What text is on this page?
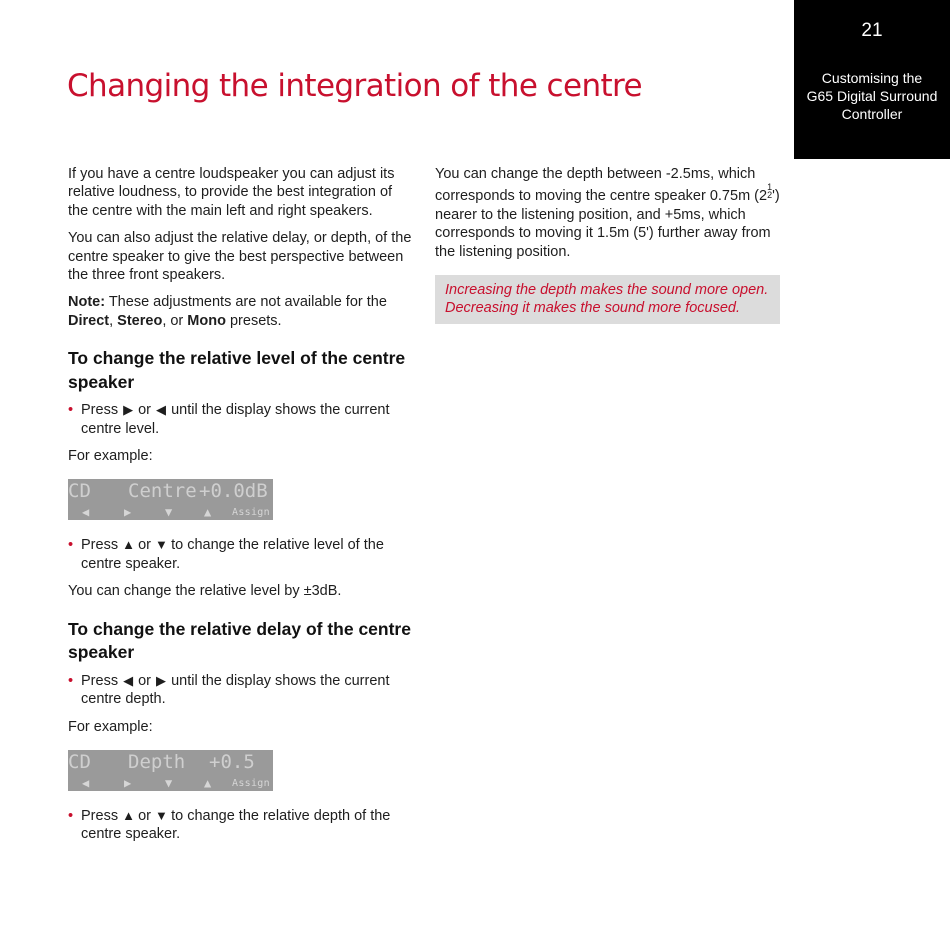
21
Customising the
G65 Digital Surround
Controller
Changing the integration of the centre

If you have a centre loudspeaker you can adjust its relative loudness, to provide the best integration of the centre with the main left and right speakers.

You can also adjust the relative delay, or depth, of the centre speaker to give the best perspective between the three front speakers.

Note: These adjustments are not available for the Direct, Stereo, or Mono presets.

To change the relative level of the centre speaker
• Press ▶ or ◀ until the display shows the current centre level.

For example:

CD Centre +0.0dB
◀	▶	▼	▲ Assign
• Press ▲ or ▼ to change the relative level of the centre speaker.

You can change the relative level by ±3dB.

To change the relative delay of the centre speaker
• Press ◀ or ▶ until the display shows the current centre depth.

For example:

CD Depth +0.5
◀	▶	▼	▲ Assign
• Press ▲ or ▼ to change the relative depth of the centre speaker.

You can change the depth between -2.5ms, which corresponds to moving the centre speaker 0.75m (2
1
2 ') nearer to the listening position, and +5ms, which corresponds to moving it 1.5m (5') further away from the listening position.

Increasing the depth makes the sound more open. Decreasing it makes the sound more focused.
